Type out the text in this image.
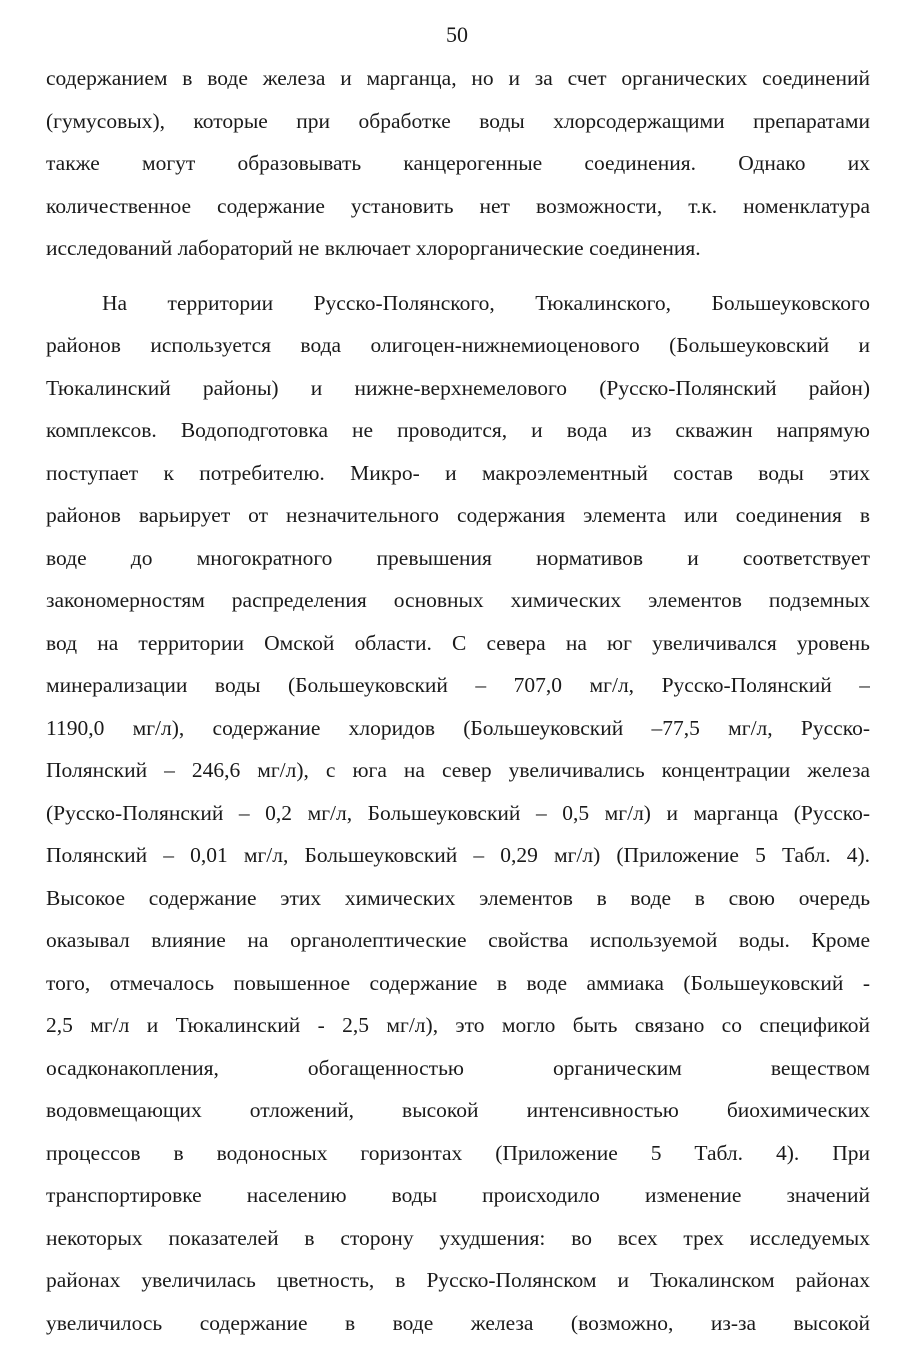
50
содержанием в воде железа и марганца, но и за счет органических соединений
(гумусовых), которые при обработке воды хлорсодержащими препаратами
также могут образовывать канцерогенные соединения. Однако их
количественное содержание установить нет возможности, т.к. номенклатура
исследований лабораторий не включает хлорорганические соединения.
На территории Русско-Полянского, Тюкалинского, Большеуковского
районов используется вода олигоцен-нижнемиоценового (Большеуковский и
Тюкалинский районы) и нижне-верхнемелового (Русско-Полянский район)
комплексов. Водоподготовка не проводится, и вода из скважин напрямую
поступает к потребителю. Микро- и макроэлементный состав воды этих
районов варьирует от незначительного содержания элемента или соединения в
воде до многократного превышения нормативов и соответствует
закономерностям распределения основных химических элементов подземных
вод на территории Омской области. С севера на юг увеличивался уровень
минерализации воды (Большеуковский – 707,0 мг/л, Русско-Полянский –
1190,0 мг/л), содержание хлоридов (Большеуковский –77,5 мг/л, Русско-
Полянский – 246,6 мг/л), с юга на север увеличивались концентрации железа
(Русско-Полянский – 0,2 мг/л, Большеуковский – 0,5 мг/л) и марганца (Русско-
Полянский – 0,01 мг/л, Большеуковский – 0,29 мг/л) (Приложение 5 Табл. 4).
Высокое содержание этих химических элементов в воде в свою очередь
оказывал влияние на органолептические свойства используемой воды. Кроме
того, отмечалось повышенное содержание в воде аммиака (Большеуковский -
2,5 мг/л и Тюкалинский - 2,5 мг/л), это могло быть связано со спецификой
осадконакопления, обогащенностью органическим веществом
водовмещающих отложений, высокой интенсивностью биохимических
процессов в водоносных горизонтах (Приложение 5 Табл. 4). При
транспортировке населению воды происходило изменение значений
некоторых показателей в сторону ухудшения: во всех трех исследуемых
районах увеличилась цветность, в Русско-Полянском и Тюкалинском районах
увеличилось содержание в воде железа (возможно, из-за высокой
